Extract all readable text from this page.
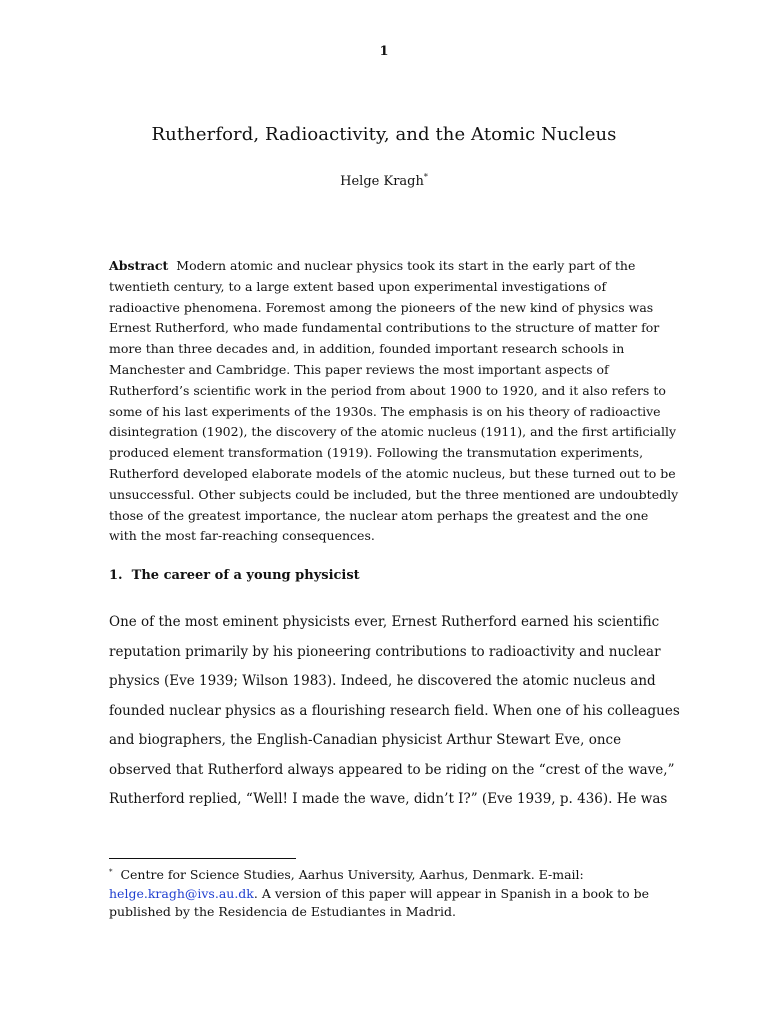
1
Rutherford, Radioactivity, and the Atomic Nucleus
Helge Kragh*

Abstract Modern atomic and nuclear physics took its start in the early part of the twentieth century, to a large extent based upon experimental investigations of radioactive phenomena. Foremost among the pioneers of the new kind of physics was Ernest Rutherford, who made fundamental contributions to the structure of matter for more than three decades and, in addition, founded important research schools in Manchester and Cambridge. This paper reviews the most important aspects of Rutherford’s scientific work in the period from about 1900 to 1920, and it also refers to some of his last experiments of the 1930s. The emphasis is on his theory of radioactive disintegration (1902), the discovery of the atomic nucleus (1911), and the first artificially produced element transformation (1919). Following the transmutation experiments, Rutherford developed elaborate models of the atomic nucleus, but these turned out to be unsuccessful. Other subjects could be included, but the three mentioned are undoubtedly those of the greatest importance, the nuclear atom perhaps the greatest and the one with the most far-reaching consequences.

1. The career of a young physicist

One of the most eminent physicists ever, Ernest Rutherford earned his scientific reputation primarily by his pioneering contributions to radioactivity and nuclear physics (Eve 1939; Wilson 1983). Indeed, he discovered the atomic nucleus and founded nuclear physics as a flourishing research field. When one of his colleagues and biographers, the English-Canadian physicist Arthur Stewart Eve, once observed that Rutherford always appeared to be riding on the “crest of the wave,” Rutherford replied, “Well! I made the wave, didn’t I?” (Eve 1939, p. 436). He was

* Centre for Science Studies, Aarhus University, Aarhus, Denmark. E-mail: helge.kragh@ivs.au.dk. A version of this paper will appear in Spanish in a book to be published by the Residencia de Estudiantes in Madrid.
